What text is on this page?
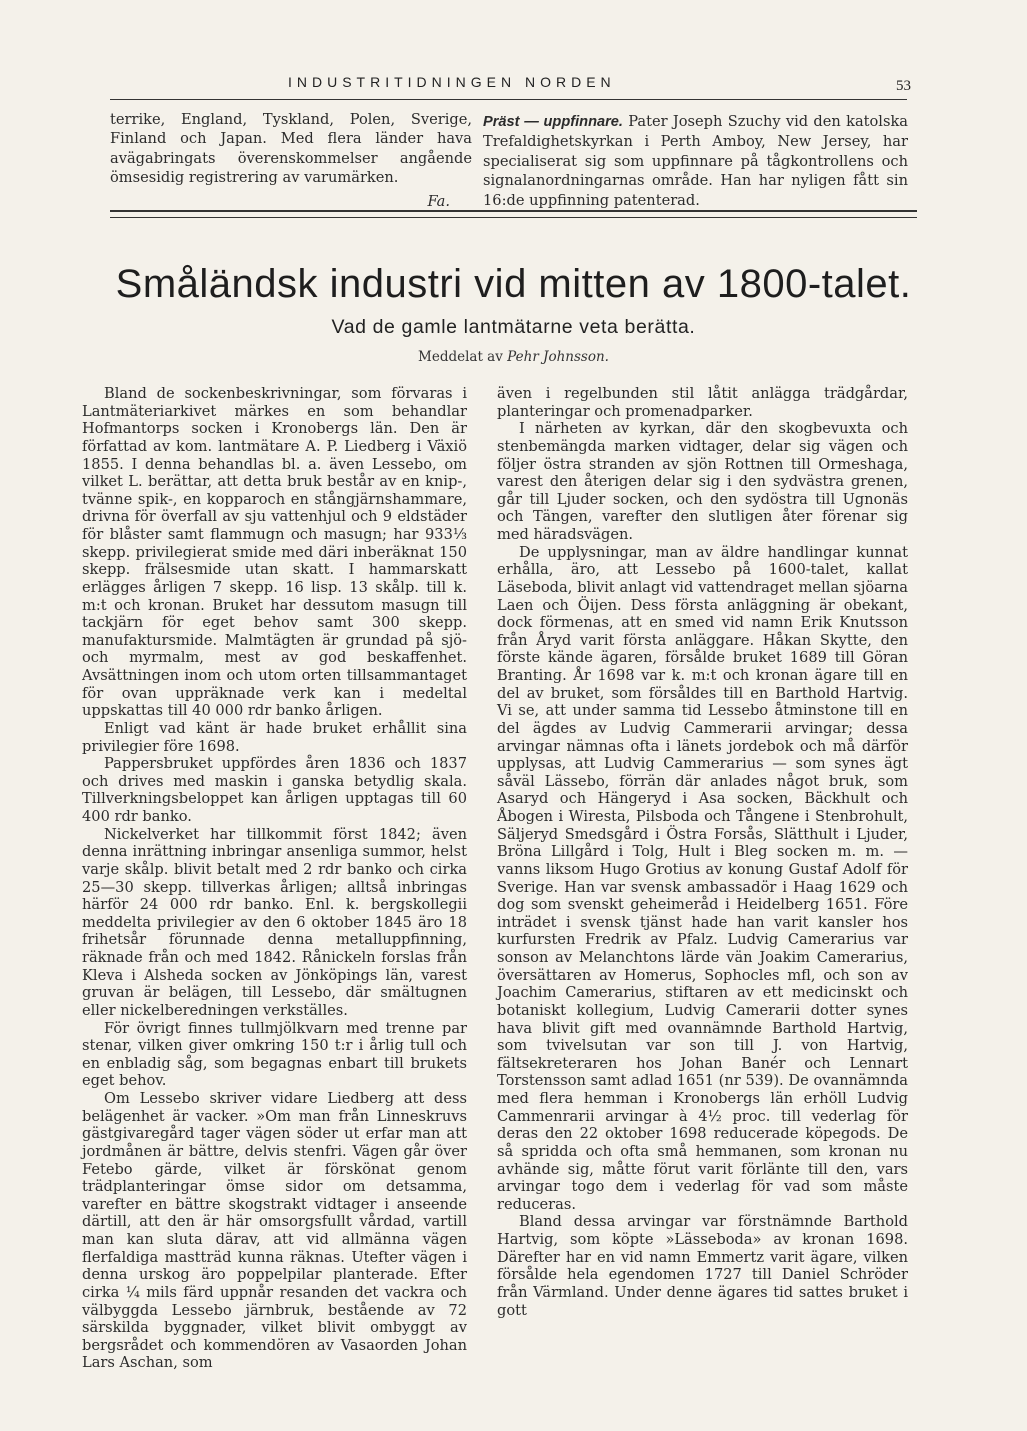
INDUSTRITIDNINGEN NORDEN	53
terrike, England, Tyskland, Polen, Sverige, Finland och Japan. Med flera länder hava avägabringats överenskommelser angående ömsesidig registrering av varumärken.
Fa.
Präst — uppfinnare. Pater Joseph Szuchy vid den katolska Trefaldighetskyrkan i Perth Amboy, New Jersey, har specialiserat sig som uppfinnare på tågkontrollens och signalanordningarnas område. Han har nyligen fått sin 16:de uppfinning patenterad.
Småländsk industri vid mitten av 1800-talet.
Vad de gamle lantmätarne veta berätta.
Meddelat av Pehr Johnsson.

Bland de sockenbeskrivningar, som förvaras i Lantmäteriarkivet märkes en som behandlar Hofmantorps socken i Kronobergs län. Den är författad av kom. lantmätare A. P. Liedberg i Växiö 1855. I denna behandlas bl. a. även Lessebo, om vilket L. berättar, att detta bruk består av en knip-, tvänne spik-, en kopparoch en stångjärnshammare, drivna för överfall av sju vattenhjul och 9 eldstäder för blåster samt flammugn och masugn; har 933⅓ skepp. privilegierat smide med däri inberäknat 150 skepp. frälsesmide utan skatt. I hammarskatt erlägges årligen 7 skepp. 16 lisp. 13 skålp. till k. m:t och kronan. Bruket har dessutom masugn till tackjärn för eget behov samt 300 skepp. manufaktursmide. Malmtägten är grundad på sjö- och myrmalm, mest av god beskaffenhet. Avsättningen inom och utom orten tillsammantaget för ovan uppräknade verk kan i medeltal uppskattas till 40 000 rdr banko årligen.

Enligt vad känt är hade bruket erhållit sina privilegier före 1698.

Pappersbruket uppfördes åren 1836 och 1837 och drives med maskin i ganska betydlig skala. Tillverkningsbeloppet kan årligen upptagas till 60 400 rdr banko.

Nickelverket har tillkommit först 1842; även denna inrättning inbringar ansenliga summor, helst varje skålp. blivit betalt med 2 rdr banko och cirka 25—30 skepp. tillverkas årligen; alltså inbringas härför 24 000 rdr banko. Enl. k. bergskollegii meddelta privilegier av den 6 oktober 1845 äro 18 frihetsår förunnade denna metalluppfinning, räknade från och med 1842. Rånickeln forslas från Kleva i Alsheda socken av Jönköpings län, varest gruvan är belägen, till Lessebo, där smältugnen eller nickelberedningen verkställes.

För övrigt finnes tullmjölkvarn med trenne par stenar, vilken giver omkring 150 t:r i årlig tull och en enbladig såg, som begagnas enbart till brukets eget behov.

Om Lessebo skriver vidare Liedberg att dess belägenhet är vacker. »Om man från Linneskruvs gästgivaregård tager vägen söder ut erfar man att jordmånen är bättre, delvis stenfri. Vägen går över Fetebo gärde, vilket är förskönat genom trädplanteringar ömse sidor om detsamma, varefter en bättre skogstrakt vidtager i anseende därtill, att den är här omsorgsfullt vårdad, vartill man kan sluta därav, att vid allmänna vägen flerfaldiga mastträd kunna räknas. Utefter vägen i denna urskog äro poppelpilar planterade. Efter cirka ¼ mils färd uppnår resanden det vackra och välbyggda Lessebo järnbruk, bestående av 72 särskilda byggnader, vilket blivit ombyggt av bergsrådet och kommendören av Vasaorden Johan Lars Aschan, som

även i regelbunden stil låtit anlägga trädgårdar, planteringar och promenadparker.

I närheten av kyrkan, där den skogbevuxta och stenbemängda marken vidtager, delar sig vägen och följer östra stranden av sjön Rottnen till Ormeshaga, varest den återigen delar sig i den sydvästra grenen, går till Ljuder socken, och den sydöstra till Ugnonäs och Tängen, varefter den slutligen åter förenar sig med häradsvägen.

De upplysningar, man av äldre handlingar kunnat erhålla, äro, att Lessebo på 1600-talet, kallat Läseboda, blivit anlagt vid vattendraget mellan sjöarna Laen och Öijen. Dess första anläggning är obekant, dock förmenas, att en smed vid namn Erik Knutsson från Åryd varit första anläggare. Håkan Skytte, den förste kände ägaren, försålde bruket 1689 till Göran Branting. År 1698 var k. m:t och kronan ägare till en del av bruket, som försåldes till en Barthold Hartvig. Vi se, att under samma tid Lessebo åtminstone till en del ägdes av Ludvig Cammerarii arvingar; dessa arvingar nämnas ofta i länets jordebok och må därför upplysas, att Ludvig Cammerarius — som synes ägt såväl Lässebo, förrän där anlades något bruk, som Asaryd och Hängeryd i Asa socken, Bäckhult och Åbogen i Wiresta, Pilsboda och Tångene i Stenbrohult, Säljeryd Smedsgård i Östra Forsås, Slätthult i Ljuder, Bröna Lillgård i Tolg, Hult i Bleg socken m. m. — vanns liksom Hugo Grotius av konung Gustaf Adolf för Sverige. Han var svensk ambassadör i Haag 1629 och dog som svenskt geheimeråd i Heidelberg 1651. Före inträdet i svensk tjänst hade han varit kansler hos kurfursten Fredrik av Pfalz. Ludvig Camerarius var sonson av Melanchtons lärde vän Joakim Camerarius, översättaren av Homerus, Sophocles mfl, och son av Joachim Camerarius, stiftaren av ett medicinskt och botaniskt kollegium, Ludvig Camerarii dotter synes hava blivit gift med ovannämnde Barthold Hartvig, som tvivelsutan var son till J. von Hartvig, fältsekreteraren hos Johan Banér och Lennart Torstensson samt adlad 1651 (nr 539). De ovannämnda med flera hemman i Kronobergs län erhöll Ludvig Cammenrarii arvingar à 4½ proc. till vederlag för deras den 22 oktober 1698 reducerade köpegods. De så spridda och ofta små hemmanen, som kronan nu avhände sig, måtte förut varit förlänte till den, vars arvingar togo dem i vederlag för vad som måste reduceras.

Bland dessa arvingar var förstnämnde Barthold Hartvig, som köpte »Lässeboda» av kronan 1698. Därefter har en vid namn Emmertz varit ägare, vilken försålde hela egendomen 1727 till Daniel Schröder från Värmland. Under denne ägares tid sattes bruket i gott
